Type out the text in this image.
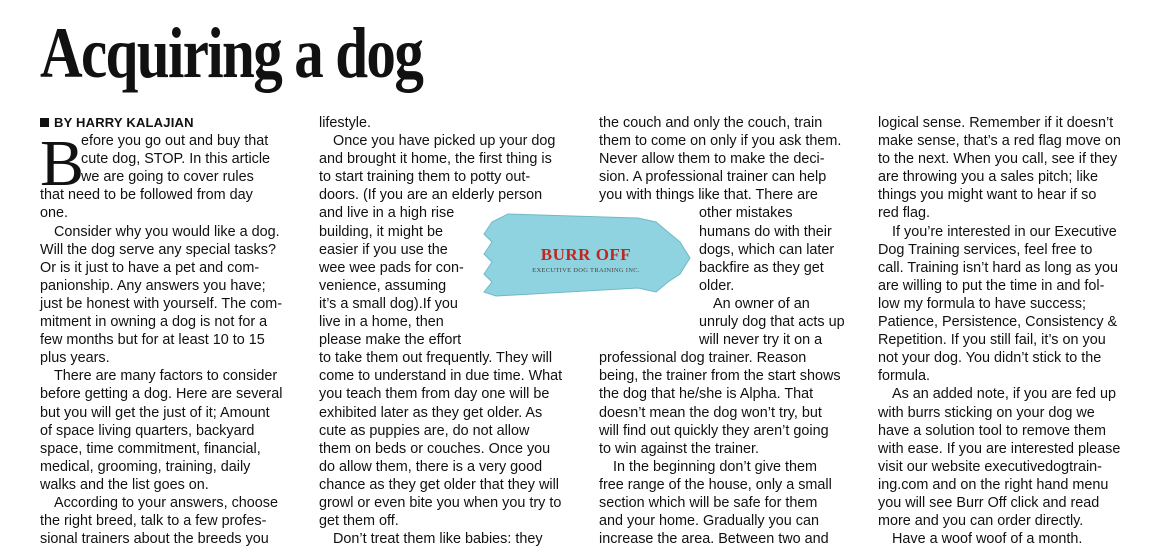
Acquiring a dog
BY HARRY KALAJIAN
B
efore you go out and buy that
cute dog, STOP. In this article
we are going to cover rules
that need to be followed from day
one.
Consider why you would like a dog.
Will the dog serve any special tasks?
Or is it just to have a pet and com-
panionship. Any answers you have;
just be honest with yourself. The com-
mitment in owning a dog is not for a
few months but for at least 10 to 15
plus years.
There are many factors to consider
before getting a dog. Here are several
but you will get the just of it; Amount
of space living quarters, backyard
space, time commitment, financial,
medical, grooming, training, daily
walks and the list goes on.
According to your answers, choose
the right breed, talk to a few profes-
sional trainers about the breeds you
lifestyle.
Once you have picked up your dog
and brought it home, the first thing is
to start training them to potty out-
doors. (If you are an elderly person
and live in a high rise
building, it might be
easier if you use the
wee wee pads for con-
venience, assuming
it’s a small dog).If you
live in a home, then
please make the effort
to take them out frequently. They will
come to understand in due time. What
you teach them from day one will be
exhibited later as they get older. As
cute as puppies are, do not allow
them on beds or couches. Once you
do allow them, there is a very good
chance as they get older that they will
growl or even bite you when you try to
get them off.
Don’t treat them like babies: they
the couch and only the couch, train
them to come on only if you ask them.
Never allow them to make the deci-
sion. A professional trainer can help
you with things like that. There are
other mistakes
humans do with their
dogs, which can later
backfire as they get
older.
An owner of an
unruly dog that acts up
will never try it on a
professional dog trainer. Reason
being, the trainer from the start shows
the dog that he/she is Alpha. That
doesn’t mean the dog won’t try, but
will find out quickly they aren’t going
to win against the trainer.
In the beginning don’t give them
free range of the house, only a small
section which will be safe for them
and your home. Gradually you can
increase the area. Between two and
logical sense. Remember if it doesn’t
make sense, that’s a red flag move on
to the next. When you call, see if they
are throwing you a sales pitch; like
things you might want to hear if so
red flag.
If you’re interested in our Executive
Dog Training services, feel free to
call. Training isn’t hard as long as you
are willing to put the time in and fol-
low my formula to have success;
Patience, Persistence, Consistency &
Repetition. If you still fail, it’s on you
not your dog. You didn’t stick to the
formula.
As an added note, if you are fed up
with burrs sticking on your dog we
have a solution tool to remove them
with ease. If you are interested please
visit our website executivedogtrain-
ing.com and on the right hand menu
you will see Burr Off click and read
more and you can order directly.
Have a woof woof of a month.
BURR OFF
EXECUTIVE DOG TRAINING INC.
